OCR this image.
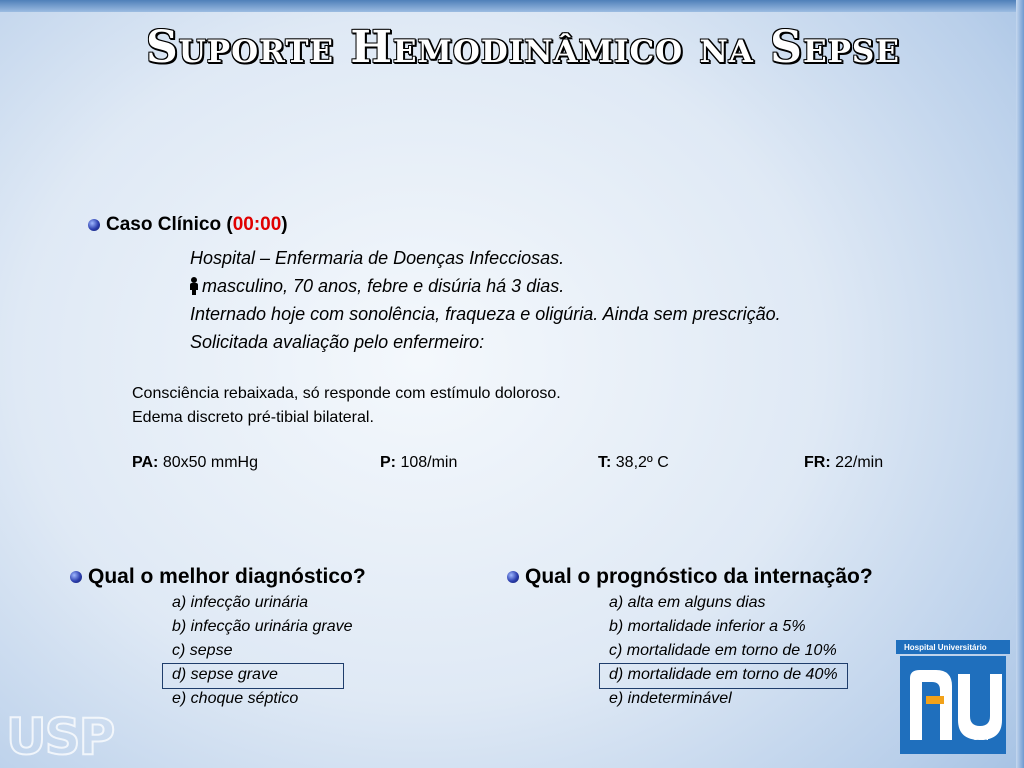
Suporte Hemodinâmico na Sepse
Caso Clínico (00:00)
Hospital – Enfermaria de Doenças Infecciosas.
masculino, 70 anos, febre e disúria há 3 dias.
Internado hoje com sonolência, fraqueza e oligúria. Ainda sem prescrição.
Solicitada avaliação pelo enfermeiro:
Consciência rebaixada, só responde com estímulo doloroso.
Edema discreto pré-tibial bilateral.
PA: 80x50 mmHg	P: 108/min	T: 38,2º C	FR: 22/min
Qual o melhor diagnóstico?
a) infecção urinária
b) infecção urinária grave
c) sepse
d) sepse grave
e) choque séptico
Qual o prognóstico da internação?
a) alta em alguns dias
b) mortalidade inferior a 5%
c) mortalidade em torno de 10%
d) mortalidade em torno de 40%
e) indeterminável
USP
Hospital Universitário
USP
